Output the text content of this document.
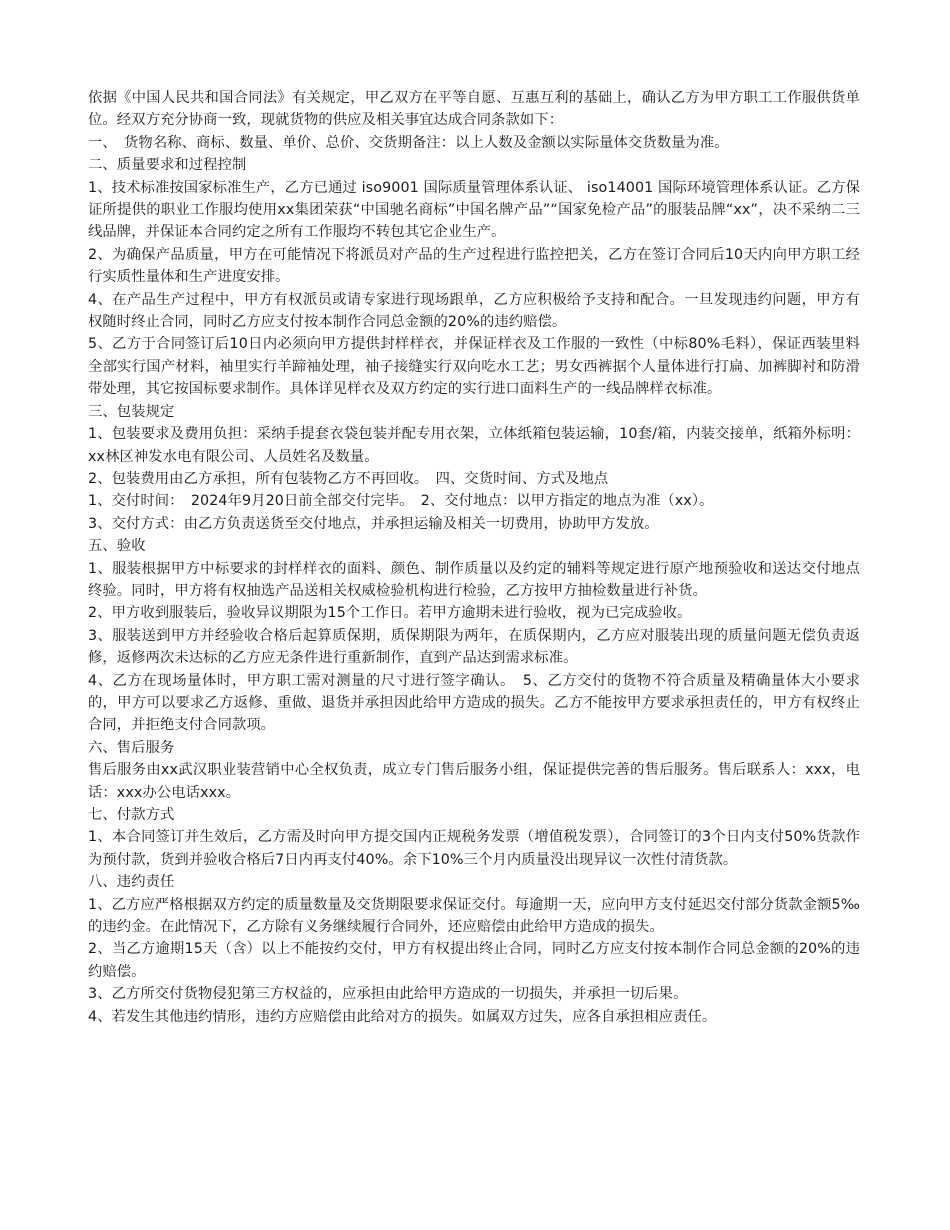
依据《中国人民共和国合同法》有关规定，甲乙双方在平等自愿、互惠互利的基础上，确认乙方为甲方职工工作服供货单位。经双方充分协商一致，现就货物的供应及相关事宜达成合同条款如下：

一、　货物名称、商标、数量、单价、总价、交货期备注：以上人数及金额以实际量体交货数量为准。

二、质量要求和过程控制

1、技术标准按国家标准生产，乙方已通过 iso9001 国际质量管理体系认证、 iso14001 国际环境管理体系认证。乙方保证所提供的职业工作服均使用xx集团荣获“中国驰名商标”中国名牌产品”“国家免检产品”的服装品牌“xx”，决不采纳二三线品牌，并保证本合同约定之所有工作服均不转包其它企业生产。

2、为确保产品质量，甲方在可能情况下将派员对产品的生产过程进行监控把关，乙方在签订合同后10天内向甲方职工经行实质性量体和生产进度安排。

4、在产品生产过程中，甲方有权派员或请专家进行现场跟单，乙方应积极给予支持和配合。一旦发现违约问题，甲方有权随时终止合同，同时乙方应支付按本制作合同总金额的20%的违约赔偿。

5、乙方于合同签订后10日内必须向甲方提供封样样衣，并保证样衣及工作服的一致性（中标80%毛料），保证西装里料全部实行国产材料，袖里实行羊蹄袖处理，袖子接缝实行双向吃水工艺；男女西裤据个人量体进行打扁、加裤脚衬和防滑带处理，其它按国标要求制作。具体详见样衣及双方约定的实行进口面料生产的一线品牌样衣标准。

三、包装规定

1、包装要求及费用负担：采纳手提套衣袋包装并配专用衣架，立体纸箱包装运输，10套/箱，内装交接单，纸箱外标明：xx林区神发水电有限公司、人员姓名及数量。

2、包装费用由乙方承担，所有包装物乙方不再回收。　四、交货时间、方式及地点

1、交付时间：　2024年9月20日前全部交付完毕。　2、交付地点：以甲方指定的地点为准（xx）。

3、交付方式：由乙方负责送货至交付地点，并承担运输及相关一切费用，协助甲方发放。

五、验收

1、服装根据甲方中标要求的封样样衣的面料、颜色、制作质量以及约定的辅料等规定进行原产地预验收和送达交付地点终验。同时，甲方将有权抽选产品送相关权威检验机构进行检验，乙方按甲方抽检数量进行补货。

2、甲方收到服装后，验收异议期限为15个工作日。若甲方逾期未进行验收，视为已完成验收。

3、服装送到甲方并经验收合格后起算质保期，质保期限为两年，在质保期内，乙方应对服装出现的质量问题无偿负责返修，返修两次未达标的乙方应无条件进行重新制作，直到产品达到需求标准。

4、乙方在现场量体时，甲方职工需对测量的尺寸进行签字确认。　5、乙方交付的货物不符合质量及精确量体大小要求的，甲方可以要求乙方返修、重做、退货并承担因此给甲方造成的损失。乙方不能按甲方要求承担责任的，甲方有权终止合同，并拒绝支付合同款项。

六、售后服务

售后服务由xx武汉职业装营销中心全权负责，成立专门售后服务小组，保证提供完善的售后服务。售后联系人：xxx，电话：xxx办公电话xxx。

七、付款方式

1、本合同签订并生效后，乙方需及时向甲方提交国内正规税务发票（增值税发票），合同签订的3个日内支付50%货款作为预付款，货到并验收合格后7日内再支付40%。余下10%三个月内质量没出现异议一次性付清货款。

八、违约责任

1、乙方应严格根据双方约定的质量数量及交货期限要求保证交付。每逾期一天，应向甲方支付延迟交付部分货款金额5‰的违约金。在此情况下，乙方除有义务继续履行合同外，还应赔偿由此给甲方造成的损失。

2、当乙方逾期15天（含）以上不能按约交付，甲方有权提出终止合同，同时乙方应支付按本制作合同总金额的20%的违约赔偿。

3、乙方所交付货物侵犯第三方权益的，应承担由此给甲方造成的一切损失，并承担一切后果。

4、若发生其他违约情形，违约方应赔偿由此给对方的损失。如属双方过失，应各自承担相应责任。
